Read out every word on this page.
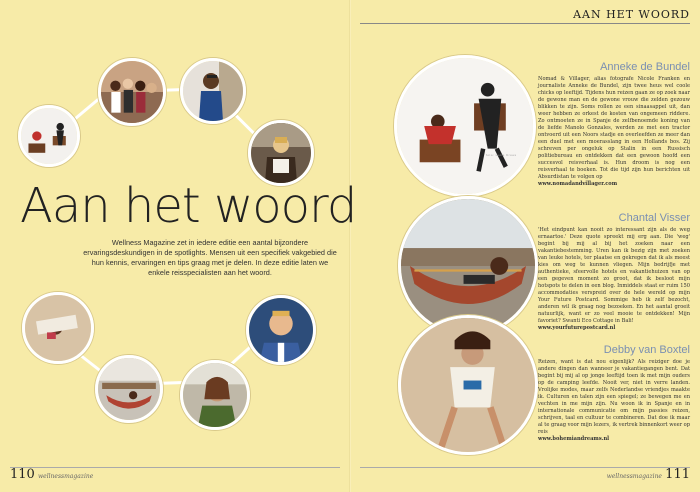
AAN HET WOORD
Aan het woord
Wellness Magazine zet in iedere editie een aantal bijzondere ervaringsdeskundigen in de spotlights. Mensen uit een specifiek vakgebied die hun kennis, ervaringen en tips graag met je delen. In deze editie laten we enkele reisspecialisten aan het woord.
foto: Lotte Kroes
Anneke de Bundel
Nomad & Villager, alias fotografe Nicole Franken en journaliste Anneke de Bundel, zijn twee heus wel coole chicks op leeftijd. Tijdens hun reizen gaan ze op zoek naar de gewone man en de gewone vrouw die zelden gezouw blikken te zijn. Soms rollen ze een sinaasappel uit, dan weer hebben ze orkest de kosten van ongemeen riddere. Zo ontmoeten ze in Spanje de zelfbenoemde koning van de liefde Manolo Gonzales, werden ze met een tractor ontvoerd uit een Noors stadje en overleefden ze meer dan een duel met een moerasslang in een Hollands bos. Zij schreven per ongeluk op Stalin in een Russisch politiebureau en ontdekken dat een gewoon hoofd een succesvol reisverhaal is. Hun droom is nog een reisverhaal te boeken. Tot die tijd zijn hun berichten uit Absurdistan te volgen op
www.nomadandvillager.com
Chantal Visser
'Het eindpunt kan nooit zo interessant zijn als de weg ernaartoe.' Deze quote spreekt mij erg aan. Die 'weg' begint bij mij al bij het zoeken naar een vakantiebestemming. Uren kan ik bezig zijn met zoeken van leuke hotels, ter plaatse en gekregen dat ik als meest kies om weg te kunnen vliegen. Mijn bedrijfje met authentieke, sfeervolle hotels en vakantiehuizen van op een gegeven moment zo groot, dat ik besloot mijn hotspots te delen in een blog. Inmiddels staat er ruim 150 accommodaties verspreid over de hele wereld op mijn Your Future Postcard. Sommige heb ik zelf bezocht, anderen wil ik graag nog bezoeken. En het aantal groeit natuurlijk, want er zo veel mooie te ontdekken! Mijn favoriet? Swanti Eco Cottage in Bali!
www.yourfuturepostcard.nl
Debby van Boxtel
Reizen, want is dat nou eigenlijk? Als reiziger doe je andere dingen dan wanneer je vakantiegangen bent. Dat begint bij mij al op jonge leeftijd toen ik met mijn ouders op de camping leefde. Nooit ver, niet in verre landen. Vrolijke modes, maar zelfs Nederlandse vriendjes maakte ik. Culturen en talen zijn een spiegel; ze bewegen me en vechten in me mijn zijn. Nu woon ik in Spanje en in internationale communicatie om mijn passies reizen, schrijven, taal en cultuur te combineren. Dat doe ik maar al te graag voor mijn lezers, ik vertrek binnenkort weer op reis
www.bohemiandreams.nl
110 wellnessmagazine	wellnessmagazine 111
